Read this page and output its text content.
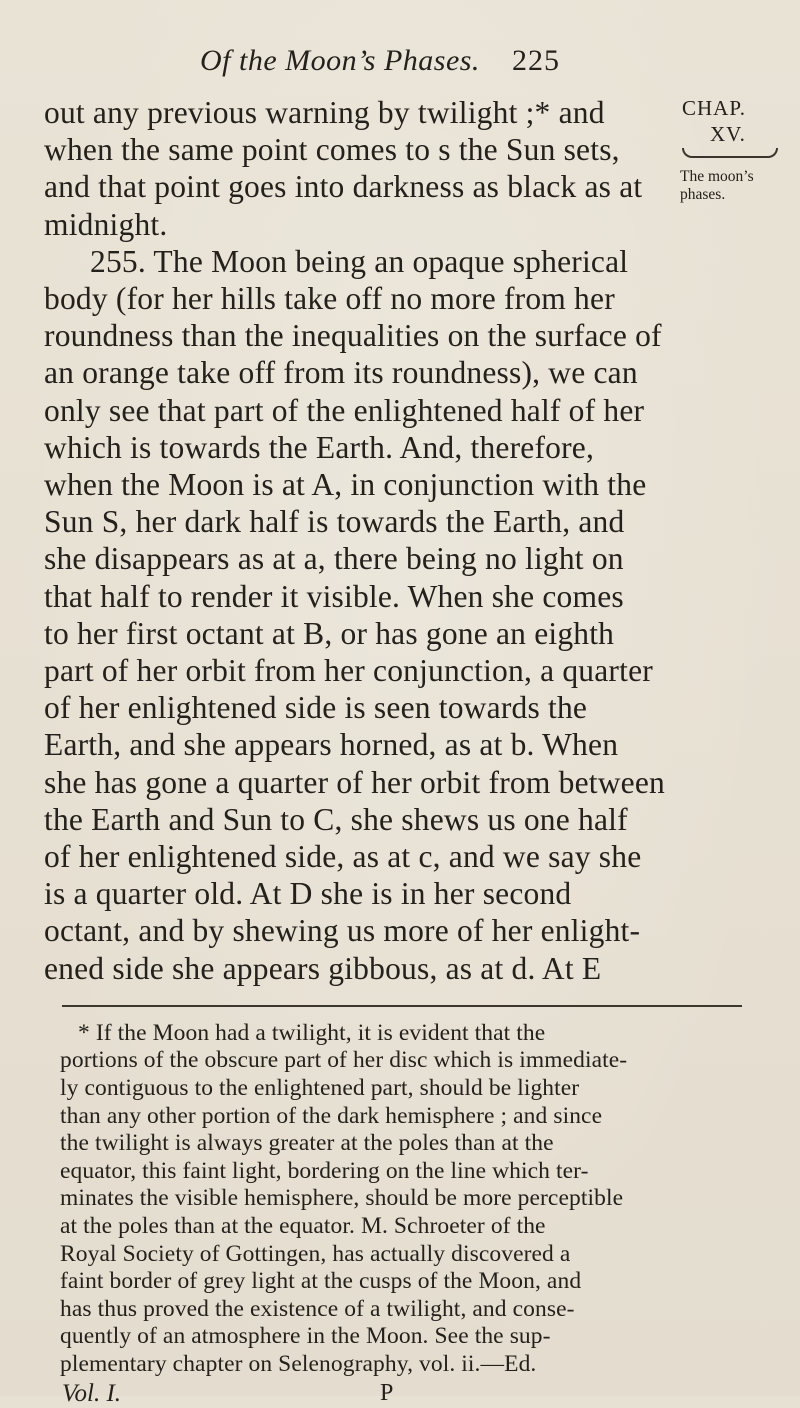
Of the Moon’s Phases. 225
CHAP.
XV.
The moon’s
phases.
out any previous warning by twilight ;* and
when the same point comes to s the Sun sets,
and that point goes into darkness as black as at
midnight.
255. The Moon being an opaque spherical
body (for her hills take off no more from her
roundness than the inequalities on the surface of
an orange take off from its roundness), we can
only see that part of the enlightened half of her
which is towards the Earth. And, therefore,
when the Moon is at A, in conjunction with the
Sun S, her dark half is towards the Earth, and
she disappears as at a, there being no light on
that half to render it visible. When she comes
to her first octant at B, or has gone an eighth
part of her orbit from her conjunction, a quarter
of her enlightened side is seen towards the
Earth, and she appears horned, as at b. When
she has gone a quarter of her orbit from between
the Earth and Sun to C, she shews us one half
of her enlightened side, as at c, and we say she
is a quarter old. At D she is in her second
octant, and by shewing us more of her enlight-
ened side she appears gibbous, as at d. At E
* If the Moon had a twilight, it is evident that the
portions of the obscure part of her disc which is immediate-
ly contiguous to the enlightened part, should be lighter
than any other portion of the dark hemisphere ; and since
the twilight is always greater at the poles than at the
equator, this faint light, bordering on the line which ter-
minates the visible hemisphere, should be more perceptible
at the poles than at the equator. M. Schroeter of the
Royal Society of Gottingen, has actually discovered a
faint border of grey light at the cusps of the Moon, and
has thus proved the existence of a twilight, and conse-
quently of an atmosphere in the Moon. See the sup-
Vol. I.	P
plementary chapter on Selenography, vol. ii.—Ed.
